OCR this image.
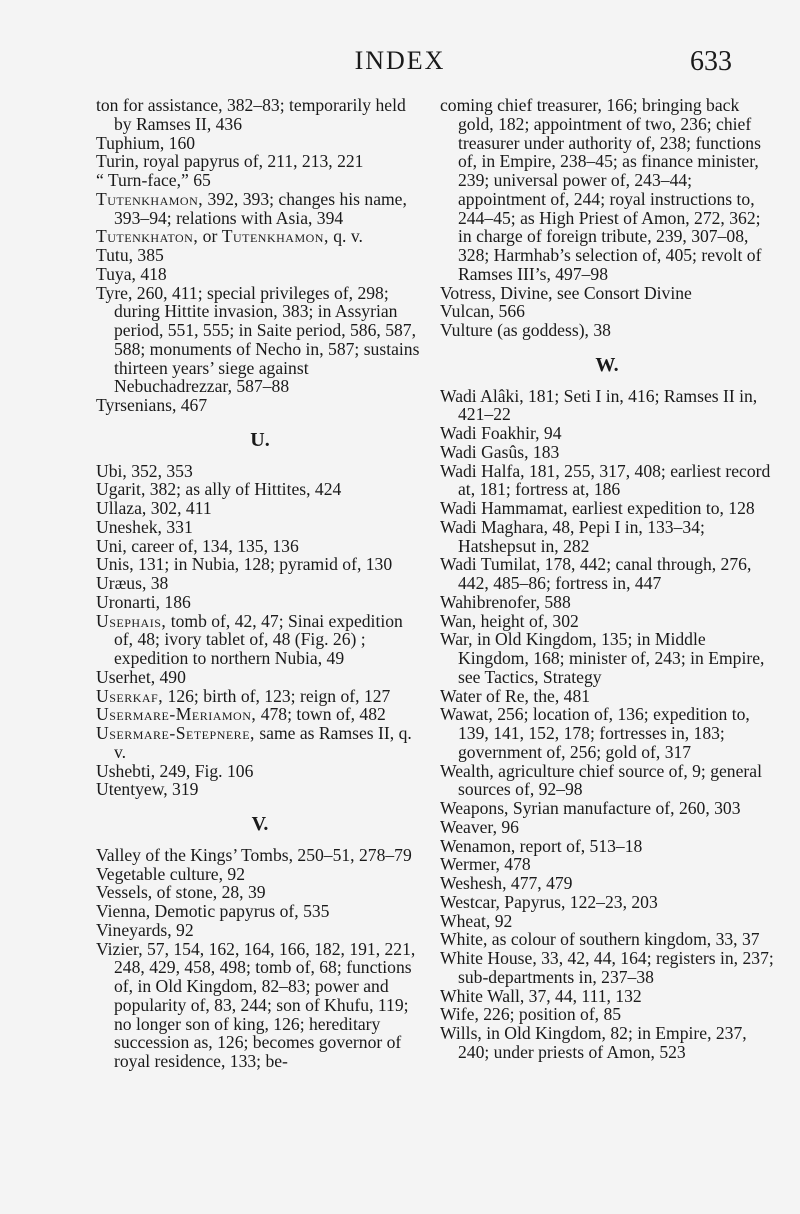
INDEX	633
ton for assistance, 382–83; temporarily held by Ramses II, 436
Tuphium, 160
Turin, royal papyrus of, 211, 213, 221
“ Turn-face,” 65
Tutenkhamon, 392, 393; changes his name, 393–94; relations with Asia, 394
Tutenkhaton, or Tutenkhamon, q. v.
Tutu, 385
Tuya, 418
Tyre, 260, 411; special privileges of, 298; during Hittite invasion, 383; in Assyrian period, 551, 555; in Saite period, 586, 587, 588; monuments of Necho in, 587; sustains thirteen years’ siege against Nebuchadrezzar, 587–88
Tyrsenians, 467
U.
Ubi, 352, 353
Ugarit, 382; as ally of Hittites, 424
Ullaza, 302, 411
Uneshek, 331
Uni, career of, 134, 135, 136
Unis, 131; in Nubia, 128; pyramid of, 130
Uræus, 38
Uronarti, 186
Usephais, tomb of, 42, 47; Sinai expedition of, 48; ivory tablet of, 48 (Fig. 26) ; expedition to northern Nubia, 49
Userhet, 490
Userkaf, 126; birth of, 123; reign of, 127
Usermare-Meriamon, 478; town of, 482
Usermare-Setepnere, same as Ramses II, q. v.
Ushebti, 249, Fig. 106
Utentyew, 319
V.
Valley of the Kings’ Tombs, 250–51, 278–79
Vegetable culture, 92
Vessels, of stone, 28, 39
Vienna, Demotic papyrus of, 535
Vineyards, 92
Vizier, 57, 154, 162, 164, 166, 182, 191, 221, 248, 429, 458, 498; tomb of, 68; functions of, in Old Kingdom, 82–83; power and popularity of, 83, 244; son of Khufu, 119; no longer son of king, 126; hereditary succession as, 126; becomes governor of royal residence, 133; be-
coming chief treasurer, 166; bringing back gold, 182; appointment of two, 236; chief treasurer under authority of, 238; functions of, in Empire, 238–45; as finance minister, 239; universal power of, 243–44; appointment of, 244; royal instructions to, 244–45; as High Priest of Amon, 272, 362; in charge of foreign tribute, 239, 307–08, 328; Harmhab’s selection of, 405; revolt of Ramses III’s, 497–98
Votress, Divine, see Consort Divine
Vulcan, 566
Vulture (as goddess), 38
W.
Wadi Alâki, 181; Seti I in, 416; Ramses II in, 421–22
Wadi Foakhir, 94
Wadi Gasûs, 183
Wadi Halfa, 181, 255, 317, 408; earliest record at, 181; fortress at, 186
Wadi Hammamat, earliest expedition to, 128
Wadi Maghara, 48, Pepi I in, 133–34; Hatshepsut in, 282
Wadi Tumilat, 178, 442; canal through, 276, 442, 485–86; fortress in, 447
Wahibrenofer, 588
Wan, height of, 302
War, in Old Kingdom, 135; in Middle Kingdom, 168; minister of, 243; in Empire, see Tactics, Strategy
Water of Re, the, 481
Wawat, 256; location of, 136; expedition to, 139, 141, 152, 178; fortresses in, 183; government of, 256; gold of, 317
Wealth, agriculture chief source of, 9; general sources of, 92–98
Weapons, Syrian manufacture of, 260, 303
Weaver, 96
Wenamon, report of, 513–18
Wermer, 478
Weshesh, 477, 479
Westcar, Papyrus, 122–23, 203
Wheat, 92
White, as colour of southern kingdom, 33, 37
White House, 33, 42, 44, 164; registers in, 237; sub-departments in, 237–38
White Wall, 37, 44, 111, 132
Wife, 226; position of, 85
Wills, in Old Kingdom, 82; in Empire, 237, 240; under priests of Amon, 523
